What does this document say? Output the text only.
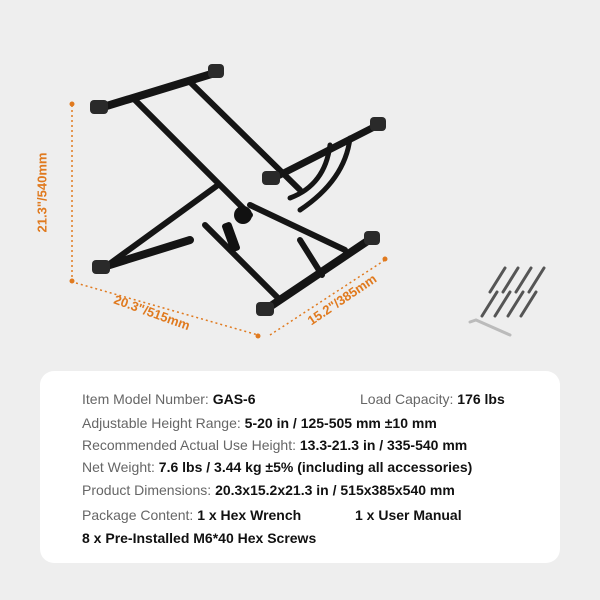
21.3"/540mm
20.3"/515mm	15.2"/385mm
Item Model Number: GAS-6	Load Capacity: 176 lbs
Adjustable Height Range: 5-20 in / 125-505 mm ±10 mm
Recommended Actual Use Height: 13.3-21.3 in / 335-540 mm
Net Weight: 7.6 lbs / 3.44 kg ±5% (including all accessories)
Product Dimensions: 20.3x15.2x21.3 in / 515x385x540 mm
Package Content: 1 x Hex Wrench	1 x User Manual
8 x Pre-Installed M6*40 Hex Screws
